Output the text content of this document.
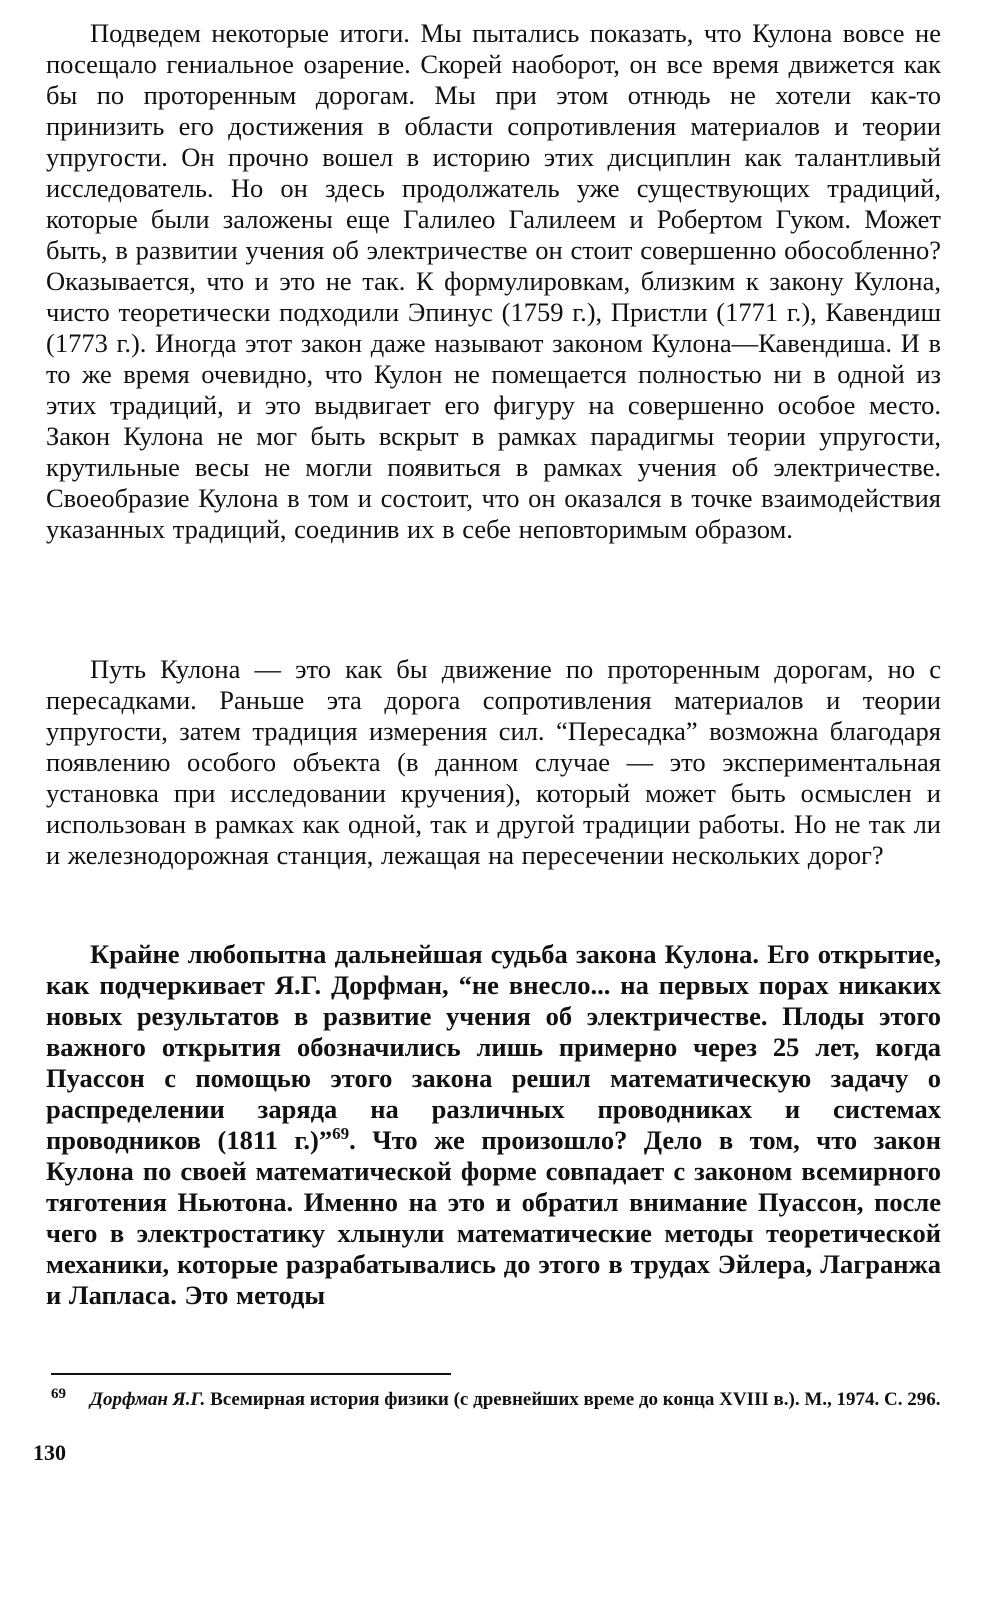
Подведем некоторые итоги. Мы пытались показать, что Кулона вовсе не посещало гениальное озарение. Скорей наоборот, он все время движется как бы по проторенным дорогам. Мы при этом отнюдь не хотели как-то принизить его достижения в области сопротивления материалов и теории упругости. Он прочно вошел в историю этих дисциплин как талантливый исследователь. Но он здесь продолжатель уже существующих традиций, которые были заложены еще Галилео Галилеем и Робертом Гуком. Может быть, в развитии учения об электричестве он стоит совершенно обособленно? Оказывается, что и это не так. К формулировкам, близким к закону Кулона, чисто теоретически подходили Эпинус (1759 г.), Пристли (1771 г.), Кавендиш (1773 г.). Иногда этот закон даже называют законом Кулона—Кавендиша. И в то же время очевидно, что Кулон не помещается полностью ни в одной из этих традиций, и это выдвигает его фигуру на совершенно особое место. Закон Кулона не мог быть вскрыт в рамках парадигмы теории упругости, крутильные весы не могли появиться в рамках учения об электричестве. Своеобразие Кулона в том и состоит, что он оказался в точке взаимодействия указанных традиций, соединив их в себе неповторимым образом.

Путь Кулона — это как бы движение по проторенным дорогам, но с пересадками. Раньше эта дорога сопротивления материалов и теории упругости, затем традиция измерения сил. “Пересадка” возможна благодаря появлению особого объекта (в данном случае — это экспериментальная установка при исследовании кручения), который может быть осмыслен и использован в рамках как одной, так и другой традиции работы. Но не так ли и железнодорожная станция, лежащая на пересечении нескольких дорог?

Крайне любопытна дальнейшая судьба закона Кулона. Его открытие, как подчеркивает Я.Г. Дорфман, “не внесло... на первых порах никаких новых результатов в развитие учения об электричестве. Плоды этого важного открытия обозначились лишь примерно через 25 лет, когда Пуассон с помощью этого закона решил математическую задачу о распределении заряда на различных проводниках и системах проводников (1811 г.)”$^{69}$. Что же произошло? Дело в том, что закон Кулона по своей математической форме совпадает с законом всемирного тяготения Ньютона. Именно на это и обратил внимание Пуассон, после чего в электростатику хлынули математические методы теоретической механики, которые разрабатывались до этого в трудах Эйлера, Лагранжа и Лапласа. Это методы

$^{69}$ Дорфман Я.Г. Всемирная история физики (с древнейших време до конца XVIII в.). М., 1974. С. 296.
130
